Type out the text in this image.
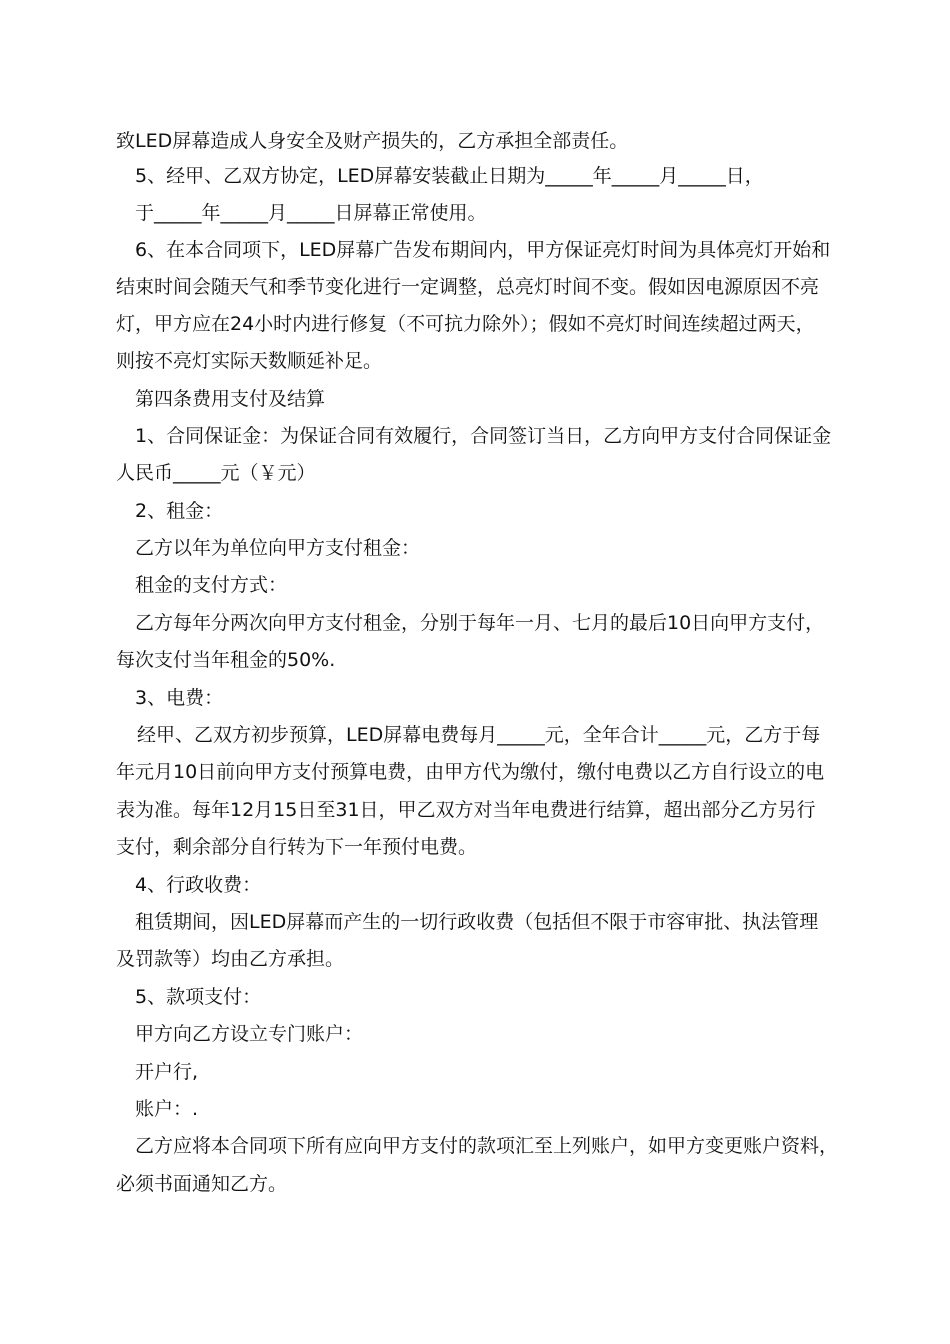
致LED屏幕造成人身安全及财产损失的，乙方承担全部责任。
5、经甲、乙双方协定，LED屏幕安装截止日期为_____年_____月_____日，
于_____年_____月_____日屏幕正常使用。
6、在本合同项下，LED屏幕广告发布期间内，甲方保证亮灯时间为具体亮灯开始和
结束时间会随天气和季节变化进行一定调整，总亮灯时间不变。假如因电源原因不亮
灯，甲方应在24小时内进行修复（不可抗力除外）；假如不亮灯时间连续超过两天，
则按不亮灯实际天数顺延补足。
第四条费用支付及结算
1、合同保证金：为保证合同有效履行，合同签订当日，乙方向甲方支付合同保证金
人民币_____元（￥元）
2、租金：
乙方以年为单位向甲方支付租金：
租金的支付方式：
乙方每年分两次向甲方支付租金，分别于每年一月、七月的最后10日向甲方支付，
每次支付当年租金的50%.
3、电费：
经甲、乙双方初步预算，LED屏幕电费每月_____元，全年合计_____元，乙方于每
年元月10日前向甲方支付预算电费，由甲方代为缴付，缴付电费以乙方自行设立的电
表为准。每年12月15日至31日，甲乙双方对当年电费进行结算，超出部分乙方另行
支付，剩余部分自行转为下一年预付电费。
4、行政收费：
租赁期间，因LED屏幕而产生的一切行政收费（包括但不限于市容审批、执法管理
及罚款等）均由乙方承担。
5、款项支付：
甲方向乙方设立专门账户：
开户行,
账户：.
乙方应将本合同项下所有应向甲方支付的款项汇至上列账户，如甲方变更账户资料，
必须书面通知乙方。
